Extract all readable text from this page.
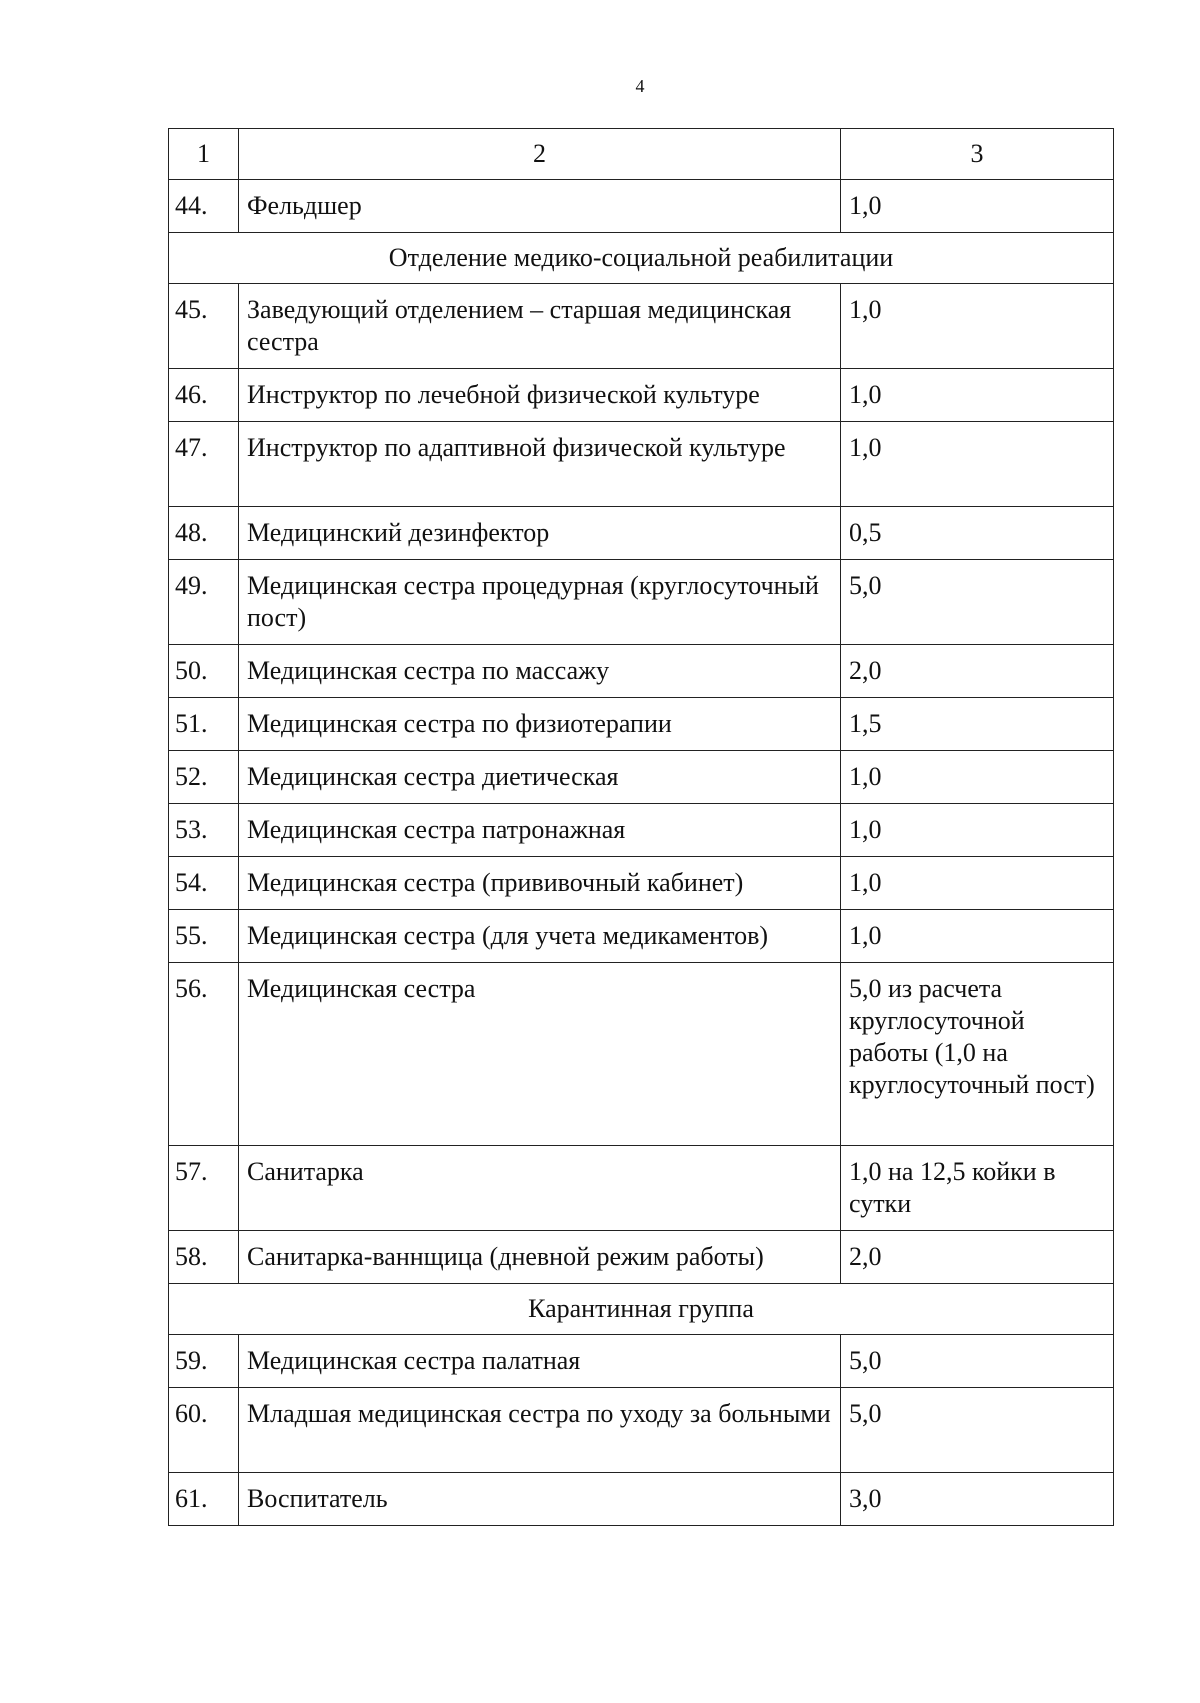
4
1	2	3
44.	Фельдшер	1,0
Отделение медико-социальной реабилитации		
45.	Заведующий отделением – старшая медицинская сестра	1,0
46.	Инструктор по лечебной физической культуре	1,0
47.	Инструктор по адаптивной физической культуре	1,0
48.	Медицинский дезинфектор	0,5
49.	Медицинская сестра процедурная (круглосуточный пост)	5,0
50.	Медицинская сестра по массажу	2,0
51.	Медицинская сестра по физиотерапии	1,5
52.	Медицинская сестра диетическая	1,0
53.	Медицинская сестра патронажная	1,0
54.	Медицинская сестра (прививочный кабинет)	1,0
55.	Медицинская сестра (для учета медикаментов)	1,0
56.	Медицинская сестра	5,0 из расчета круглосуточной работы (1,0 на круглосуточный пост)
57.	Санитарка	1,0 на 12,5 койки в сутки
58.	Санитарка-ваннщица (дневной режим работы)	2,0
Карантинная группа		
59.	Медицинская сестра палатная	5,0
60.	Младшая медицинская сестра по уходу за больными	5,0
61.	Воспитатель	3,0
